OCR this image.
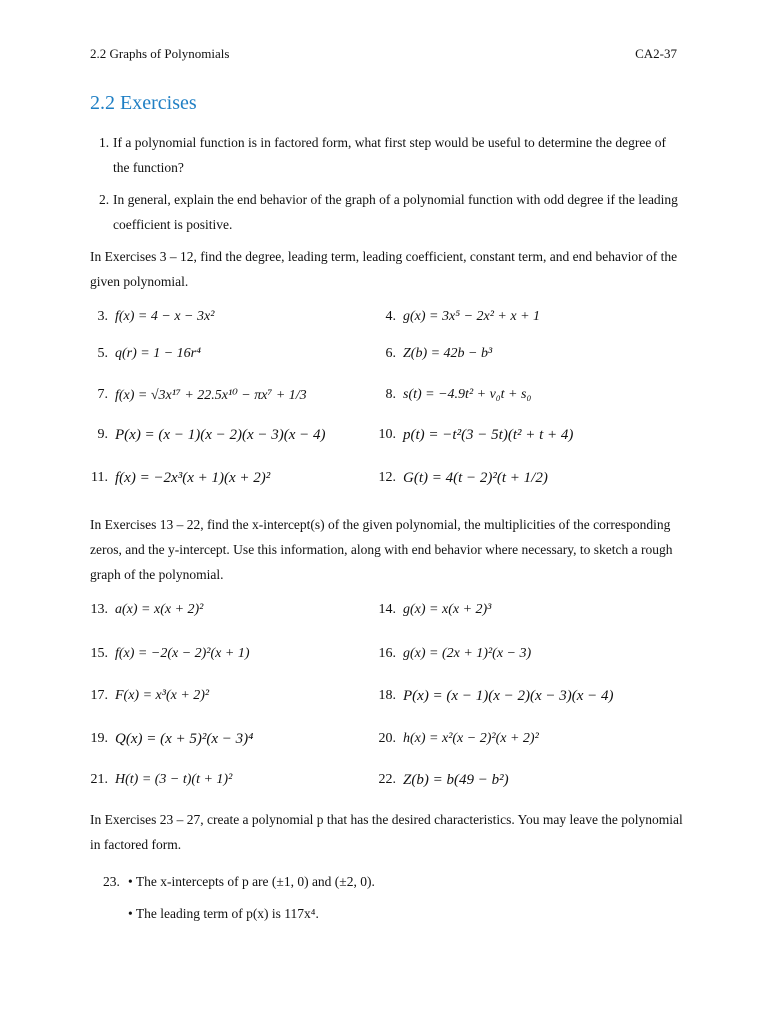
2.2 Graphs of Polynomials	CA2-37
2.2 Exercises
1. If a polynomial function is in factored form, what first step would be useful to determine the degree of the function?
2. In general, explain the end behavior of the graph of a polynomial function with odd degree if the leading coefficient is positive.
In Exercises 3 – 12, find the degree, leading term, leading coefficient, constant term, and end behavior of the given polynomial.
3. f(x) = 4 − x − 3x²	4. g(x) = 3x⁵ − 2x² + x + 1
5. q(r) = 1 − 16r⁴	6. Z(b) = 42b − b³
7. f(x) = √3x¹⁷ + 22.5x¹⁰ − πx⁷ + 1/3	8. s(t) = −4.9t² + v₀t + s₀
9. P(x) = (x − 1)(x − 2)(x − 3)(x − 4)	10. p(t) = −t²(3 − 5t)(t² + t + 4)
11. f(x) = −2x³(x + 1)(x + 2)²	12. G(t) = 4(t − 2)²(t + 1/2)
In Exercises 13 – 22, find the x-intercept(s) of the given polynomial, the multiplicities of the corresponding zeros, and the y-intercept. Use this information, along with end behavior where necessary, to sketch a rough graph of the polynomial.
13. a(x) = x(x + 2)²	14. g(x) = x(x + 2)³
15. f(x) = −2(x − 2)²(x + 1)	16. g(x) = (2x + 1)²(x − 3)
17. F(x) = x³(x + 2)²	18. P(x) = (x − 1)(x − 2)(x − 3)(x − 4)
19. Q(x) = (x + 5)²(x − 3)⁴	20. h(x) = x²(x − 2)²(x + 2)²
21. H(t) = (3 − t)(t + 1)²	22. Z(b) = b(49 − b²)
In Exercises 23 – 27, create a polynomial p that has the desired characteristics. You may leave the polynomial in factored form.
23. • The x-intercepts of p are (±1, 0) and (±2, 0).
• The leading term of p(x) is 117x⁴.
